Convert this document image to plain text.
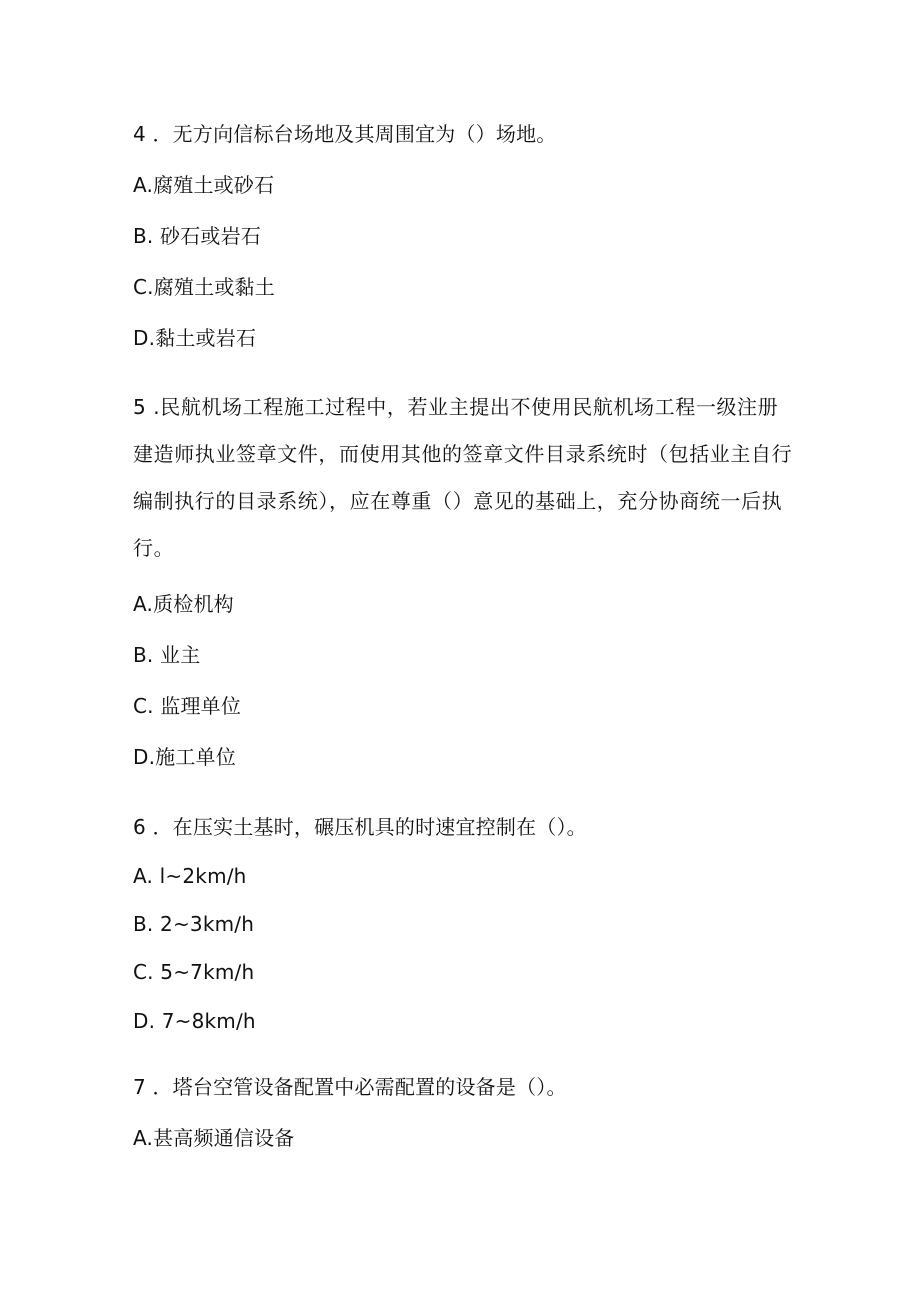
4 ．无方向信标台场地及其周围宜为（）场地。
A.腐殖土或砂石
B. 砂石或岩石
C.腐殖土或黏土
D.黏土或岩石
5 .民航机场工程施工过程中，若业主提出不使用民航机场工程一级注册建造师执业签章文件，而使用其他的签章文件目录系统时（包括业主自行编制执行的目录系统），应在尊重（）意见的基础上，充分协商统一后执行。
A.质检机构
B. 业主
C. 监理单位
D.施工单位
6 ．在压实土基时，碾压机具的时速宜控制在（）。
A. l~2km∕h
B. 2~3km∕h
C. 5~7km∕h
D. 7~8km∕h
7 ．塔台空管设备配置中必需配置的设备是（）。
A.甚高频通信设备
